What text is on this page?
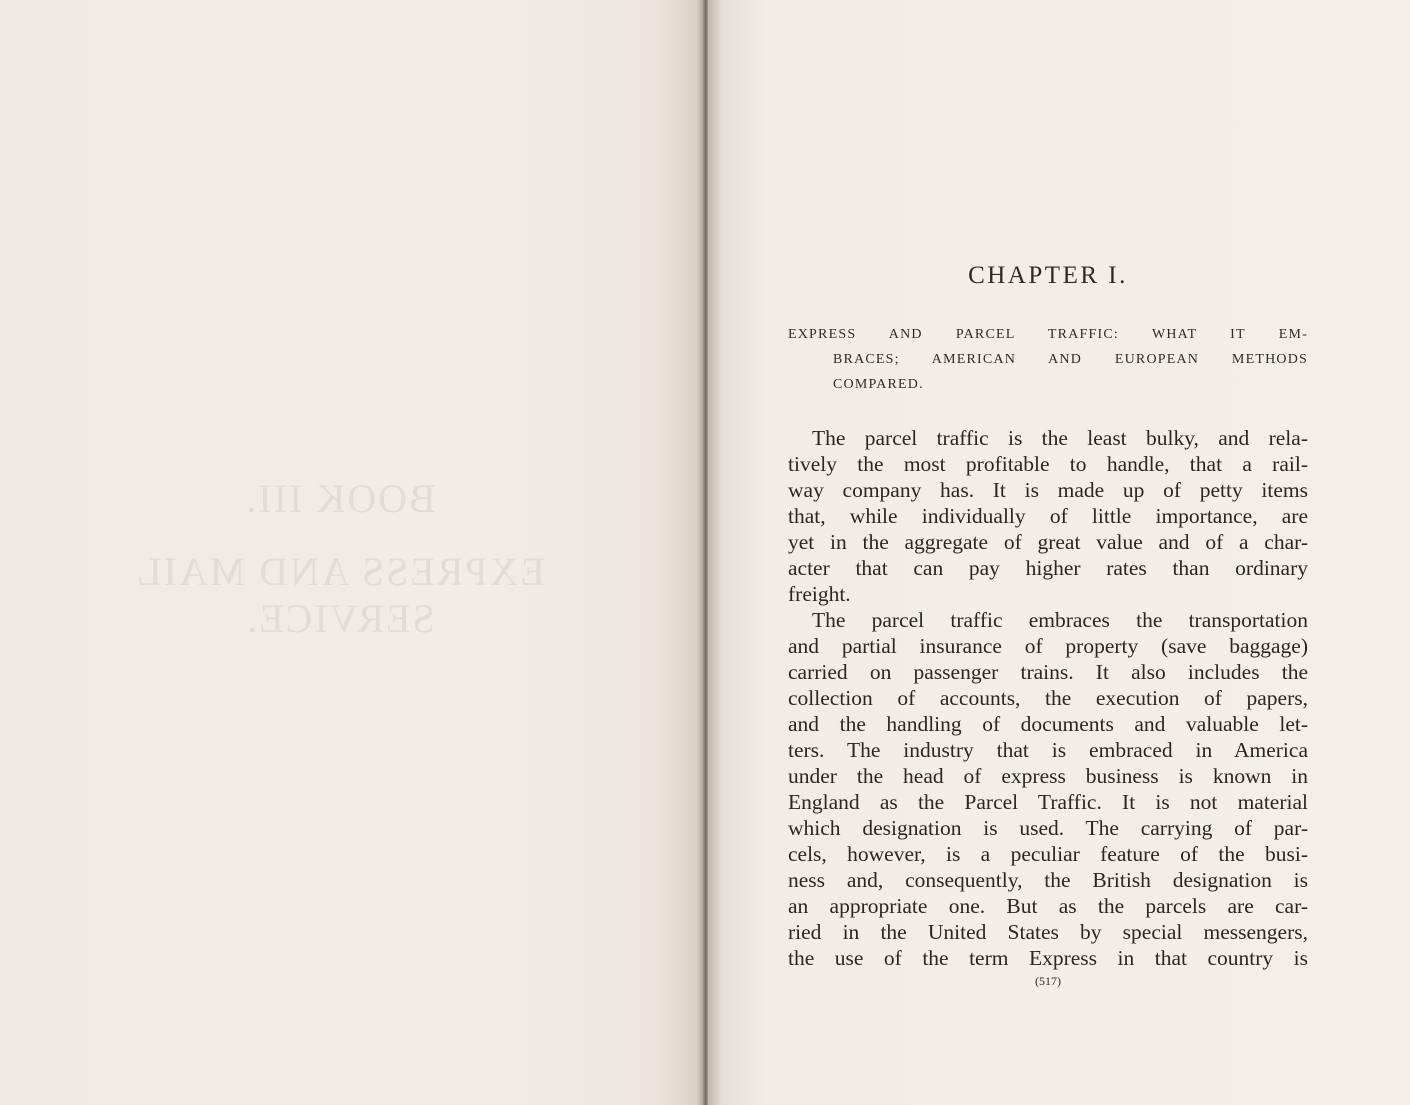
BOOK III.
EXPRESS AND MAIL SERVICE.
CHAPTER I.
EXPRESS AND PARCEL TRAFFIC: WHAT IT EM-
BRACES; AMERICAN AND EUROPEAN METHODS
COMPARED.
The parcel traffic is the least bulky, and rela-
tively the most profitable to handle, that a rail-
way company has. It is made up of petty items
that, while individually of little importance, are
yet in the aggregate of great value and of a char-
acter that can pay higher rates than ordinary
freight.
The parcel traffic embraces the transportation
and partial insurance of property (save baggage)
carried on passenger trains. It also includes the
collection of accounts, the execution of papers,
and the handling of documents and valuable let-
ters. The industry that is embraced in America
under the head of express business is known in
England as the Parcel Traffic. It is not material
which designation is used. The carrying of par-
cels, however, is a peculiar feature of the busi-
ness and, consequently, the British designation is
an appropriate one. But as the parcels are car-
ried in the United States by special messengers,
the use of the term Express in that country is
(517)
